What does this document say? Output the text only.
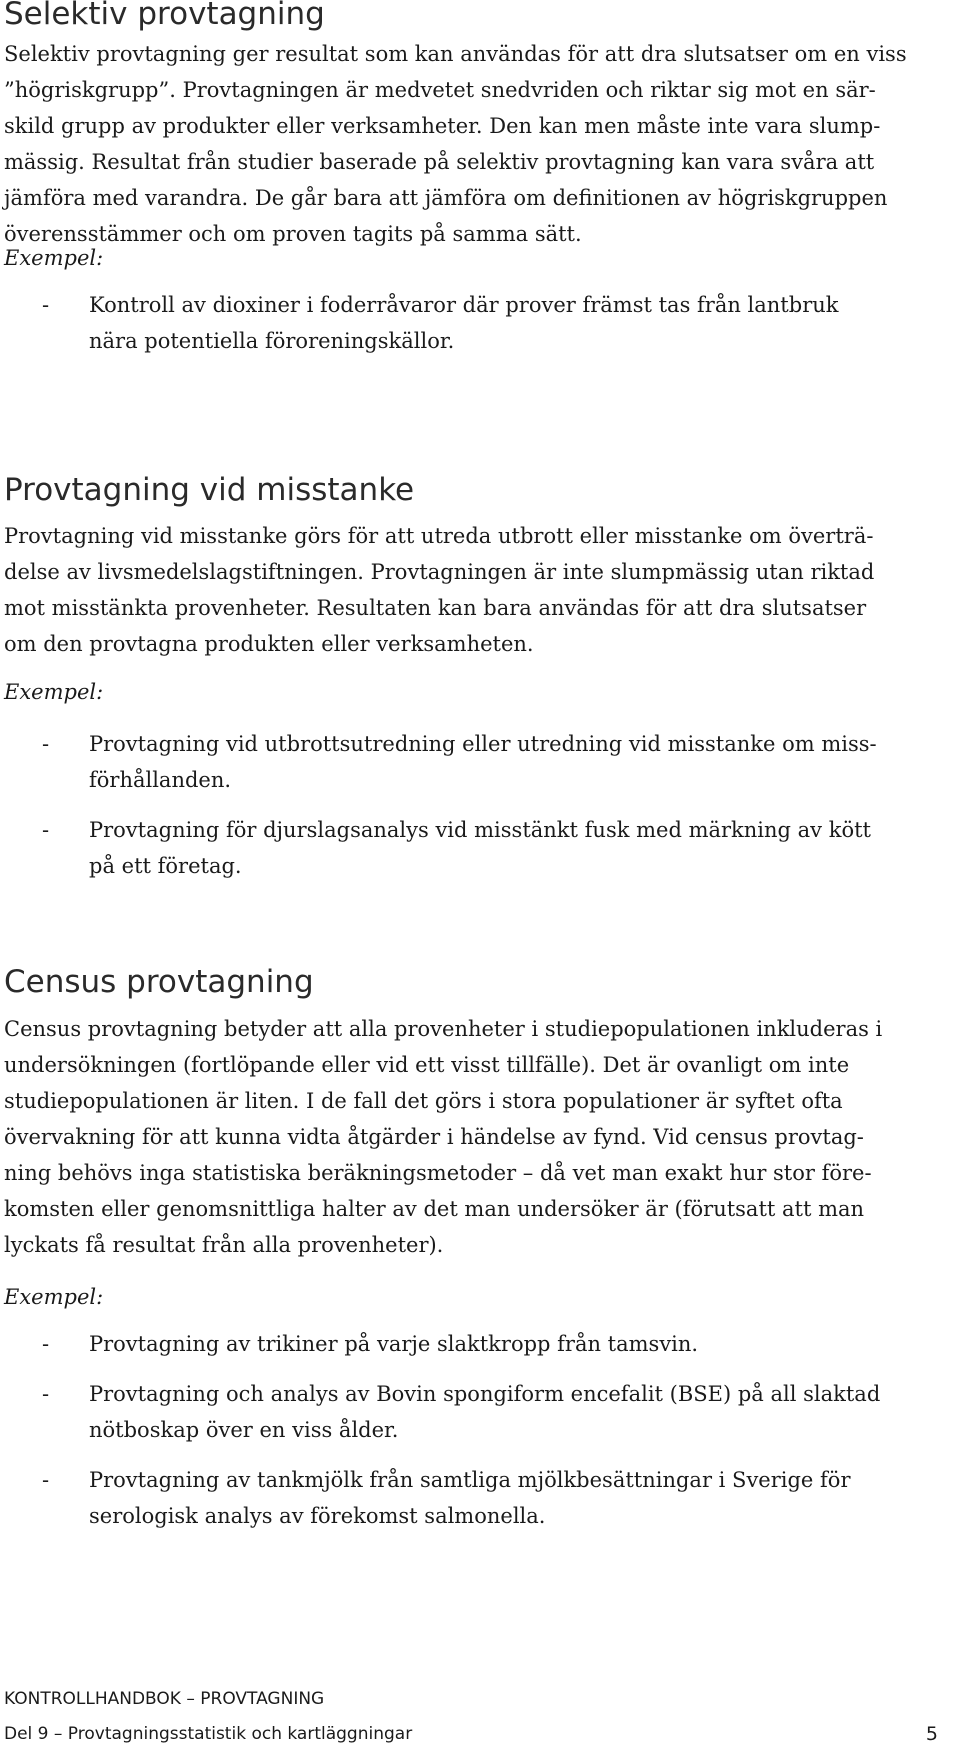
Selektiv provtagning
Selektiv provtagning ger resultat som kan användas för att dra slutsatser om en viss
”högriskgrupp”. Provtagningen är medvetet snedvriden och riktar sig mot en sär-
skild grupp av produkter eller verksamheter. Den kan men måste inte vara slump-
mässig. Resultat från studier baserade på selektiv provtagning kan vara svåra att
jämföra med varandra. De går bara att jämföra om definitionen av högriskgruppen
överensstämmer och om proven tagits på samma sätt.
Exempel:
- Kontroll av dioxiner i foderråvaror där prover främst tas från lantbruk
nära potentiella föroreningskällor.
Provtagning vid misstanke
Provtagning vid misstanke görs för att utreda utbrott eller misstanke om överträ-
delse av livsmedelslagstiftningen. Provtagningen är inte slumpmässig utan riktad
mot misstänkta provenheter. Resultaten kan bara användas för att dra slutsatser
om den provtagna produkten eller verksamheten.
Exempel:
- Provtagning vid utbrottsutredning eller utredning vid misstanke om miss-
förhållanden.
- Provtagning för djurslagsanalys vid misstänkt fusk med märkning av kött
på ett företag.
Census provtagning
Census provtagning betyder att alla provenheter i studiepopulationen inkluderas i
undersökningen (fortlöpande eller vid ett visst tillfälle). Det är ovanligt om inte
studiepopulationen är liten. I de fall det görs i stora populationer är syftet ofta
övervakning för att kunna vidta åtgärder i händelse av fynd. Vid census provtag-
ning behövs inga statistiska beräkningsmetoder – då vet man exakt hur stor före-
komsten eller genomsnittliga halter av det man undersöker är (förutsatt att man
lyckats få resultat från alla provenheter).
Exempel:
- Provtagning av trikiner på varje slaktkropp från tamsvin.
- Provtagning och analys av Bovin spongiform encefalit (BSE) på all slaktad
nötboskap över en viss ålder.
- Provtagning av tankmjölk från samtliga mjölkbesättningar i Sverige för
serologisk analys av förekomst salmonella.
KONTROLLHANDBOK – PROVTAGNING
Del 9 – Provtagningsstatistik och kartläggningar	5
